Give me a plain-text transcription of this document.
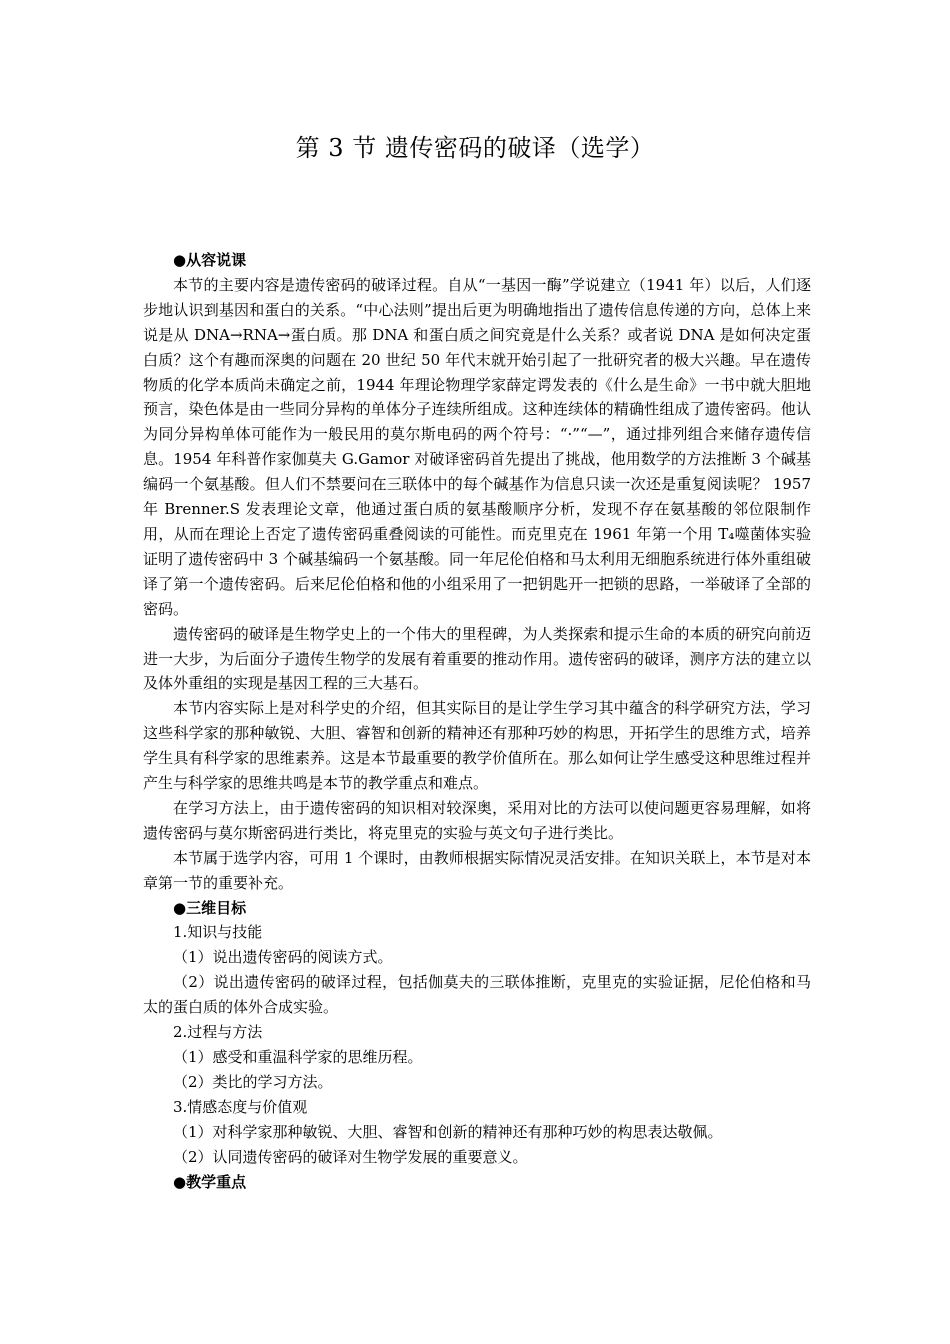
第 3 节 遗传密码的破译（选学）

●从容说课

本节的主要内容是遗传密码的破译过程。自从“一基因一酶”学说建立（1941 年）以后，人们逐步地认识到基因和蛋白的关系。“中心法则”提出后更为明确地指出了遗传信息传递的方向，总体上来说是从 DNA→RNA→蛋白质。那 DNA 和蛋白质之间究竟是什么关系？或者说 DNA 是如何决定蛋白质？这个有趣而深奥的问题在 20 世纪 50 年代末就开始引起了一批研究者的极大兴趣。早在遗传物质的化学本质尚未确定之前，1944 年理论物理学家薛定谔发表的《什么是生命》一书中就大胆地预言，染色体是由一些同分异构的单体分子连续所组成。这种连续体的精确性组成了遗传密码。他认为同分异构单体可能作为一般民用的莫尔斯电码的两个符号：“·”“—”，通过排列组合来储存遗传信息。1954 年科普作家伽莫夫 G.Gamor 对破译密码首先提出了挑战，他用数学的方法推断 3 个碱基编码一个氨基酸。但人们不禁要问在三联体中的每个碱基作为信息只读一次还是重复阅读呢？ 1957 年 Brenner.S 发表理论文章，他通过蛋白质的氨基酸顺序分析，发现不存在氨基酸的邻位限制作用，从而在理论上否定了遗传密码重叠阅读的可能性。而克里克在 1961 年第一个用 T₄噬菌体实验证明了遗传密码中 3 个碱基编码一个氨基酸。同一年尼伦伯格和马太利用无细胞系统进行体外重组破译了第一个遗传密码。后来尼伦伯格和他的小组采用了一把钥匙开一把锁的思路，一举破译了全部的密码。

遗传密码的破译是生物学史上的一个伟大的里程碑，为人类探索和提示生命的本质的研究向前迈进一大步，为后面分子遗传生物学的发展有着重要的推动作用。遗传密码的破译，测序方法的建立以及体外重组的实现是基因工程的三大基石。

本节内容实际上是对科学史的介绍，但其实际目的是让学生学习其中蕴含的科学研究方法，学习这些科学家的那种敏锐、大胆、睿智和创新的精神还有那种巧妙的构思，开拓学生的思维方式，培养学生具有科学家的思维素养。这是本节最重要的教学价值所在。那么如何让学生感受这种思维过程并产生与科学家的思维共鸣是本节的教学重点和难点。

在学习方法上，由于遗传密码的知识相对较深奥，采用对比的方法可以使问题更容易理解，如将遗传密码与莫尔斯密码进行类比，将克里克的实验与英文句子进行类比。

本节属于选学内容，可用 1 个课时，由教师根据实际情况灵活安排。在知识关联上，本节是对本章第一节的重要补充。

●三维目标

1.知识与技能

（1）说出遗传密码的阅读方式。

（2）说出遗传密码的破译过程，包括伽莫夫的三联体推断，克里克的实验证据，尼伦伯格和马太的蛋白质的体外合成实验。

2.过程与方法

（1）感受和重温科学家的思维历程。

（2）类比的学习方法。

3.情感态度与价值观

（1）对科学家那种敏锐、大胆、睿智和创新的精神还有那种巧妙的构思表达敬佩。

（2）认同遗传密码的破译对生物学发展的重要意义。

●教学重点
